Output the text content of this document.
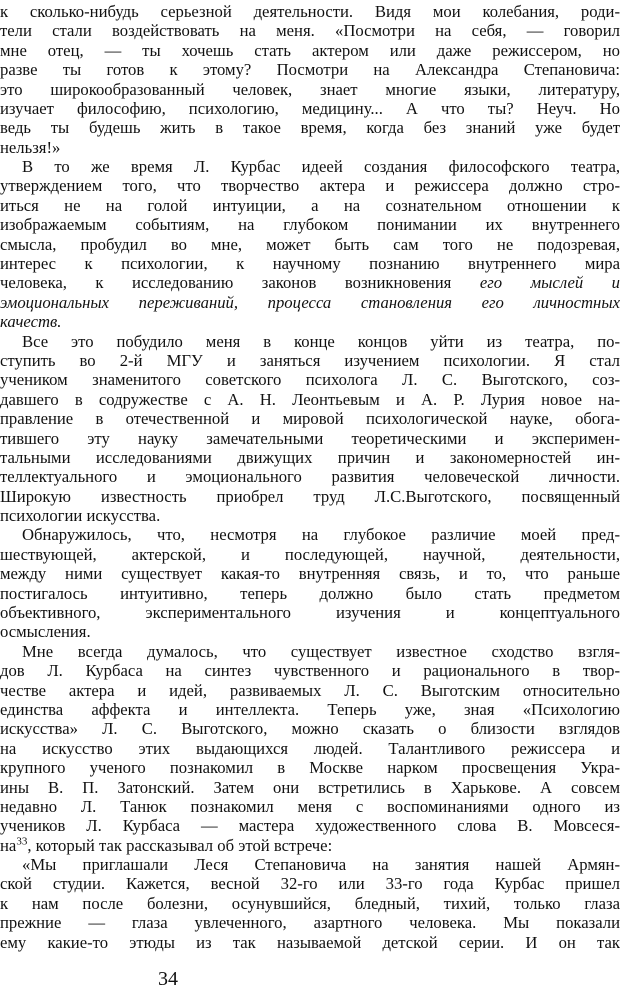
к сколько-нибудь серьезной деятельности. Видя мои колебания, роди-
тели стали воздействовать на меня. «Посмотри на себя, — говорил
мне отец, — ты хочешь стать актером или даже режиссером, но
разве ты готов к этому? Посмотри на Александра Степановича:
это широкообразованный человек, знает многие языки, литературу,
изучает философию, психологию, медицину... А что ты? Неуч. Но
ведь ты будешь жить в такое время, когда без знаний уже будет
нельзя!»
В то же время Л. Курбас идеей создания философского театра,
утверждением того, что творчество актера и режиссера должно стро-
иться не на голой интуиции, а на сознательном отношении к
изображаемым событиям, на глубоком понимании их внутреннего
смысла, пробудил во мне, может быть сам того не подозревая,
интерес к психологии, к научному познанию внутреннего мира
человека, к исследованию законов возникновения его мыслей и
эмоциональных переживаний, процесса становления его личностных
качеств.
Все это побудило меня в конце концов уйти из театра, по-
ступить во 2-й МГУ и заняться изучением психологии. Я стал
учеником знаменитого советского психолога Л. С. Выготского, соз-
давшего в содружестве с А. Н. Леонтьевым и А. Р. Лурия новое на-
правление в отечественной и мировой психологической науке, обога-
тившего эту науку замечательными теоретическими и эксперимен-
тальными исследованиями движущих причин и закономерностей ин-
теллектуального и эмоционального развития человеческой личности.
Широкую известность приобрел труд Л.С.Выготского, посвященный
психологии искусства.
Обнаружилось, что, несмотря на глубокое различие моей пред-
шествующей, актерской, и последующей, научной, деятельности,
между ними существует какая-то внутренняя связь, и то, что раньше
постигалось интуитивно, теперь должно было стать предметом
объективного, экспериментального изучения и концептуального
осмысления.
Мне всегда думалось, что существует известное сходство взгля-
дов Л. Курбаса на синтез чувственного и рационального в твор-
честве актера и идей, развиваемых Л. С. Выготским относительно
единства аффекта и интеллекта. Теперь уже, зная «Психологию
искусства» Л. С. Выготского, можно сказать о близости взглядов
на искусство этих выдающихся людей. Талантливого режиссера и
крупного ученого познакомил в Москве нарком просвещения Укра-
ины В. П. Затонский. Затем они встретились в Харькове. А совсем
недавно Л. Танюк познакомил меня с воспоминаниями одного из
учеников Л. Курбаса — мастера художественного слова В. Мовсеся-
$на^{33}$, который так рассказывал об этой встрече:
«Мы приглашали Леся Степановича на занятия нашей Армян-
ской студии. Кажется, весной 32-го или 33-го года Курбас пришел
к нам после болезни, осунувшийся, бледный, тихий, только глаза
прежние — глаза увлеченного, азартного человека. Мы показали
ему какие-то этюды из так называемой детской серии. И он так
34
